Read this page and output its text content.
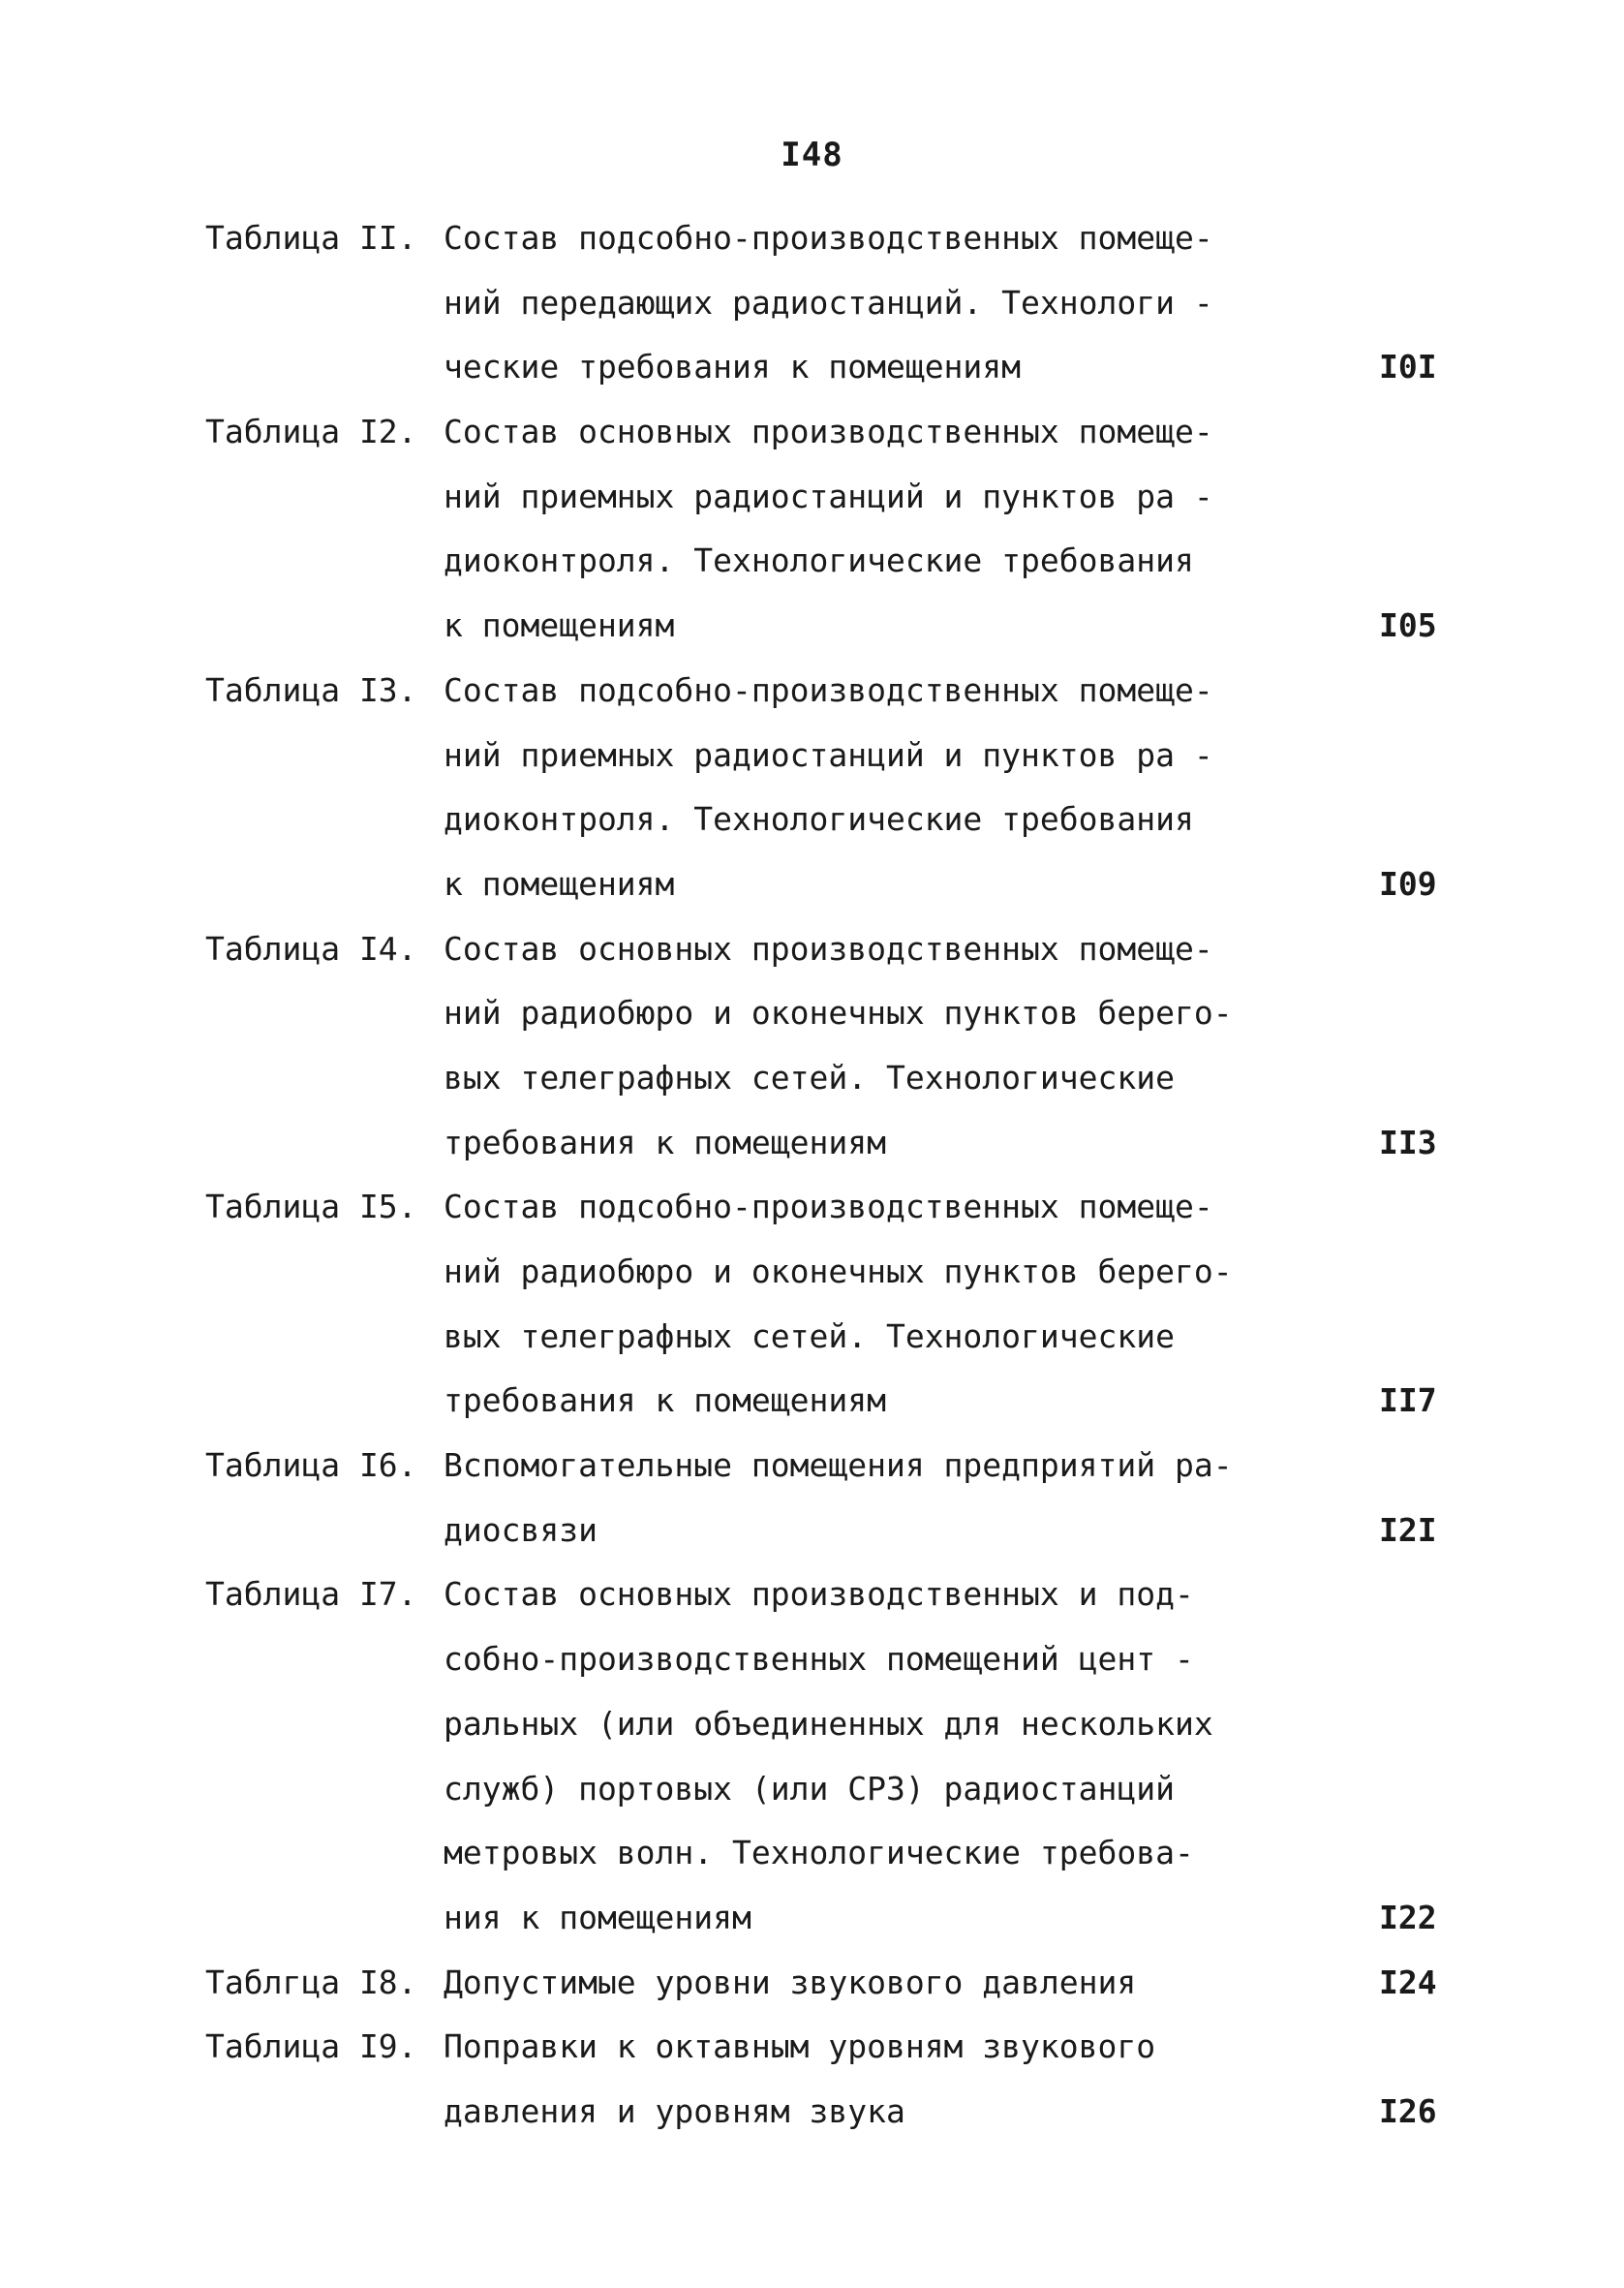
I48
Таблица II. Состав подсобно-производственных помеще-
ний передающих радиостанций. Технологи -
ческие требования к помещениям	I0I
Таблица I2. Состав основных производственных помеще-
ний приемных радиостанций и пунктов ра -
диоконтроля. Технологические требования
к помещениям	I05
Таблица I3. Состав подсобно-производственных помеще-
ний приемных радиостанций и пунктов ра -
диоконтроля. Технологические требования
к помещениям	I09
Таблица I4. Состав основных производственных помеще-
ний радиобюро и оконечных пунктов берего-
вых телеграфных сетей. Технологические
требования к помещениям	II3
Таблица I5. Состав подсобно-производственных помеще-
ний радиобюро и оконечных пунктов берего-
вых телеграфных сетей. Технологические
требования к помещениям	II7
Таблица I6. Вспомогательные помещения предприятий ра-
диосвязи	I2I
Таблица I7. Состав основных производственных и под-
собно-производственных помещений цент -
ральных (или объединенных для нескольких
служб) портовых (или СРЗ) радиостанций
метровых волн. Технологические требова-
ния к помещениям	I22
Таблгца I8. Допустимые уровни звукового давления	I24
Таблица I9. Поправки к октавным уровням звукового
давления и уровням звука	I26
